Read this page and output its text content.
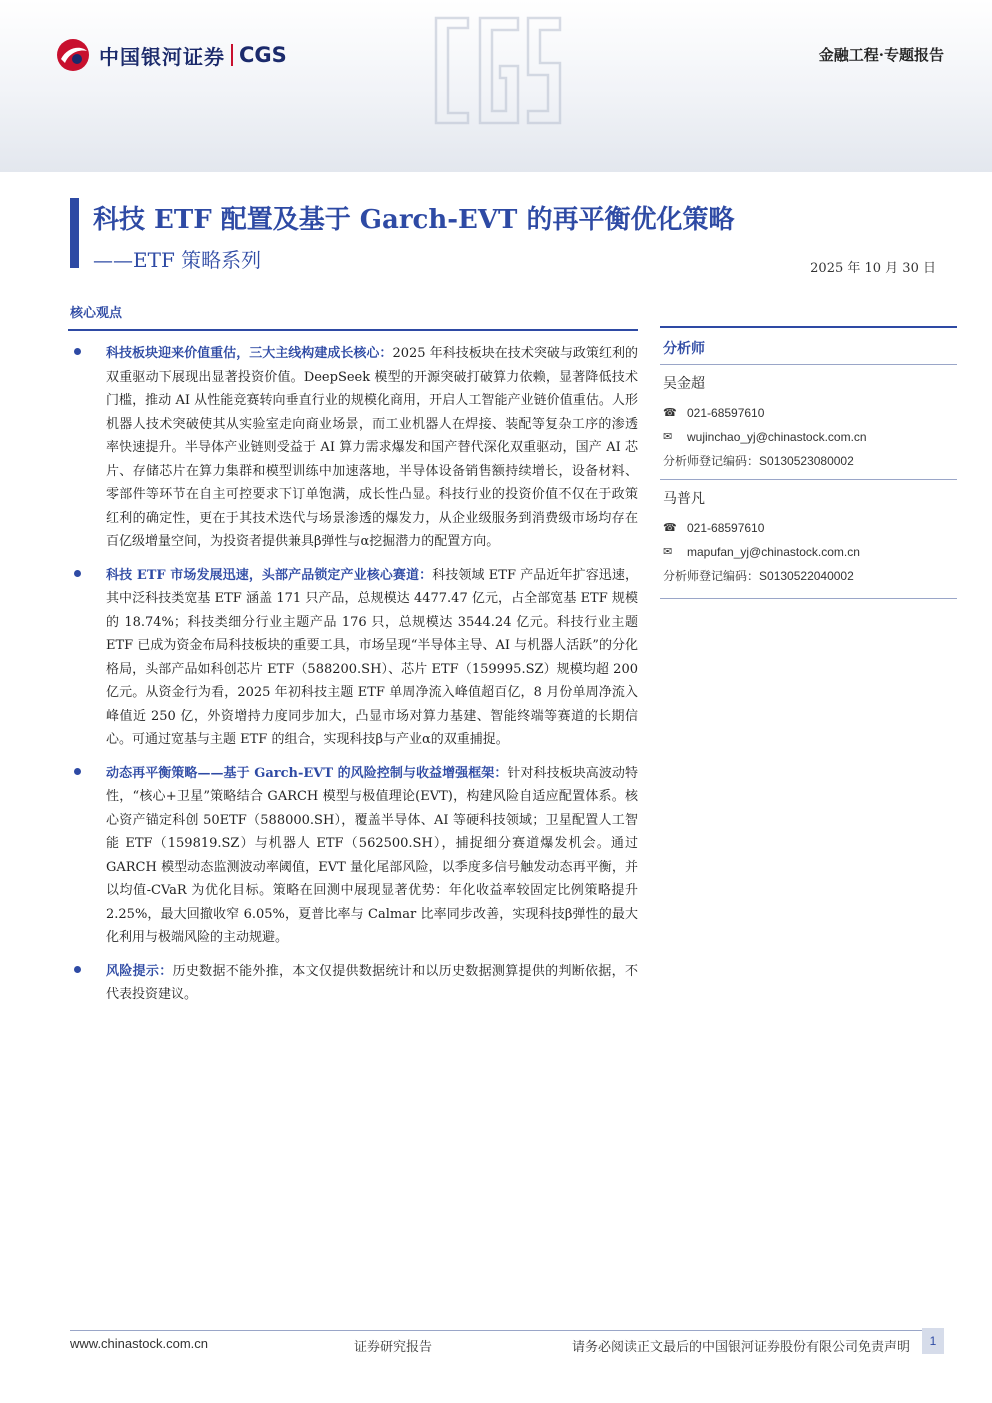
中国银河证券 CGS	金融工程·专题报告
科技 ETF 配置及基于 Garch-EVT 的再平衡优化策略
——ETF 策略系列	2025 年 10 月 30 日
核心观点

科技板块迎来价值重估，三大主线构建成长核心：2025 年科技板块在技术突破与政策红利的双重驱动下展现出显著投资价值。DeepSeek 模型的开源突破打破算力依赖，显著降低技术门槛，推动 AI 从性能竞赛转向垂直行业的规模化商用，开启人工智能产业链价值重估。人形机器人技术突破使其从实验室走向商业场景，而工业机器人在焊接、装配等复杂工序的渗透率快速提升。半导体产业链则受益于 AI 算力需求爆发和国产替代深化双重驱动，国产 AI 芯片、存储芯片在算力集群和模型训练中加速落地，半导体设备销售额持续增长，设备材料、零部件等环节在自主可控要求下订单饱满，成长性凸显。科技行业的投资价值不仅在于政策红利的确定性，更在于其技术迭代与场景渗透的爆发力，从企业级服务到消费级市场均存在百亿级增量空间，为投资者提供兼具β弹性与α挖掘潜力的配置方向。

科技 ETF 市场发展迅速，头部产品锁定产业核心赛道：科技领域 ETF 产品近年扩容迅速，其中泛科技类宽基 ETF 涵盖 171 只产品，总规模达 4477.47 亿元，占全部宽基 ETF 规模的 18.74%；科技类细分行业主题产品 176 只，总规模达 3544.24 亿元。科技行业主题 ETF 已成为资金布局科技板块的重要工具，市场呈现“半导体主导、AI 与机器人活跃”的分化格局，头部产品如科创芯片 ETF（588200.SH）、芯片 ETF（159995.SZ）规模均超 200 亿元。从资金行为看，2025 年初科技主题 ETF 单周净流入峰值超百亿，8 月份单周净流入峰值近 250 亿，外资增持力度同步加大，凸显市场对算力基建、智能终端等赛道的长期信心。可通过宽基与主题 ETF 的组合，实现科技β与产业α的双重捕捉。

动态再平衡策略——基于 Garch-EVT 的风险控制与收益增强框架：针对科技板块高波动特性，“核心+卫星”策略结合 GARCH 模型与极值理论(EVT)，构建风险自适应配置体系。核心资产锚定科创 50ETF（588000.SH），覆盖半导体、AI 等硬科技领域；卫星配置人工智能 ETF（159819.SZ）与机器人 ETF（562500.SH），捕捉细分赛道爆发机会。通过 GARCH 模型动态监测波动率阈值，EVT 量化尾部风险，以季度多信号触发动态再平衡，并以均值-CVaR 为优化目标。策略在回测中展现显著优势：年化收益率较固定比例策略提升 2.25%，最大回撤收窄 6.05%，夏普比率与 Calmar 比率同步改善，实现科技β弹性的最大化利用与极端风险的主动规避。

风险提示：历史数据不能外推，本文仅提供数据统计和以历史数据测算提供的判断依据，不代表投资建议。

分析师
吴金超
☎ 021-68597610
✉	wujinchao_yj@chinastock.com.cn
分析师登记编码： S0130523080002
马普凡
☎ 021-68597610
✉	mapufan_yj@chinastock.com.cn
分析师登记编码： S0130522040002
www.chinastock.com.cn	证券研究报告	请务必阅读正文最后的中国银河证券股份有限公司免责声明	1
